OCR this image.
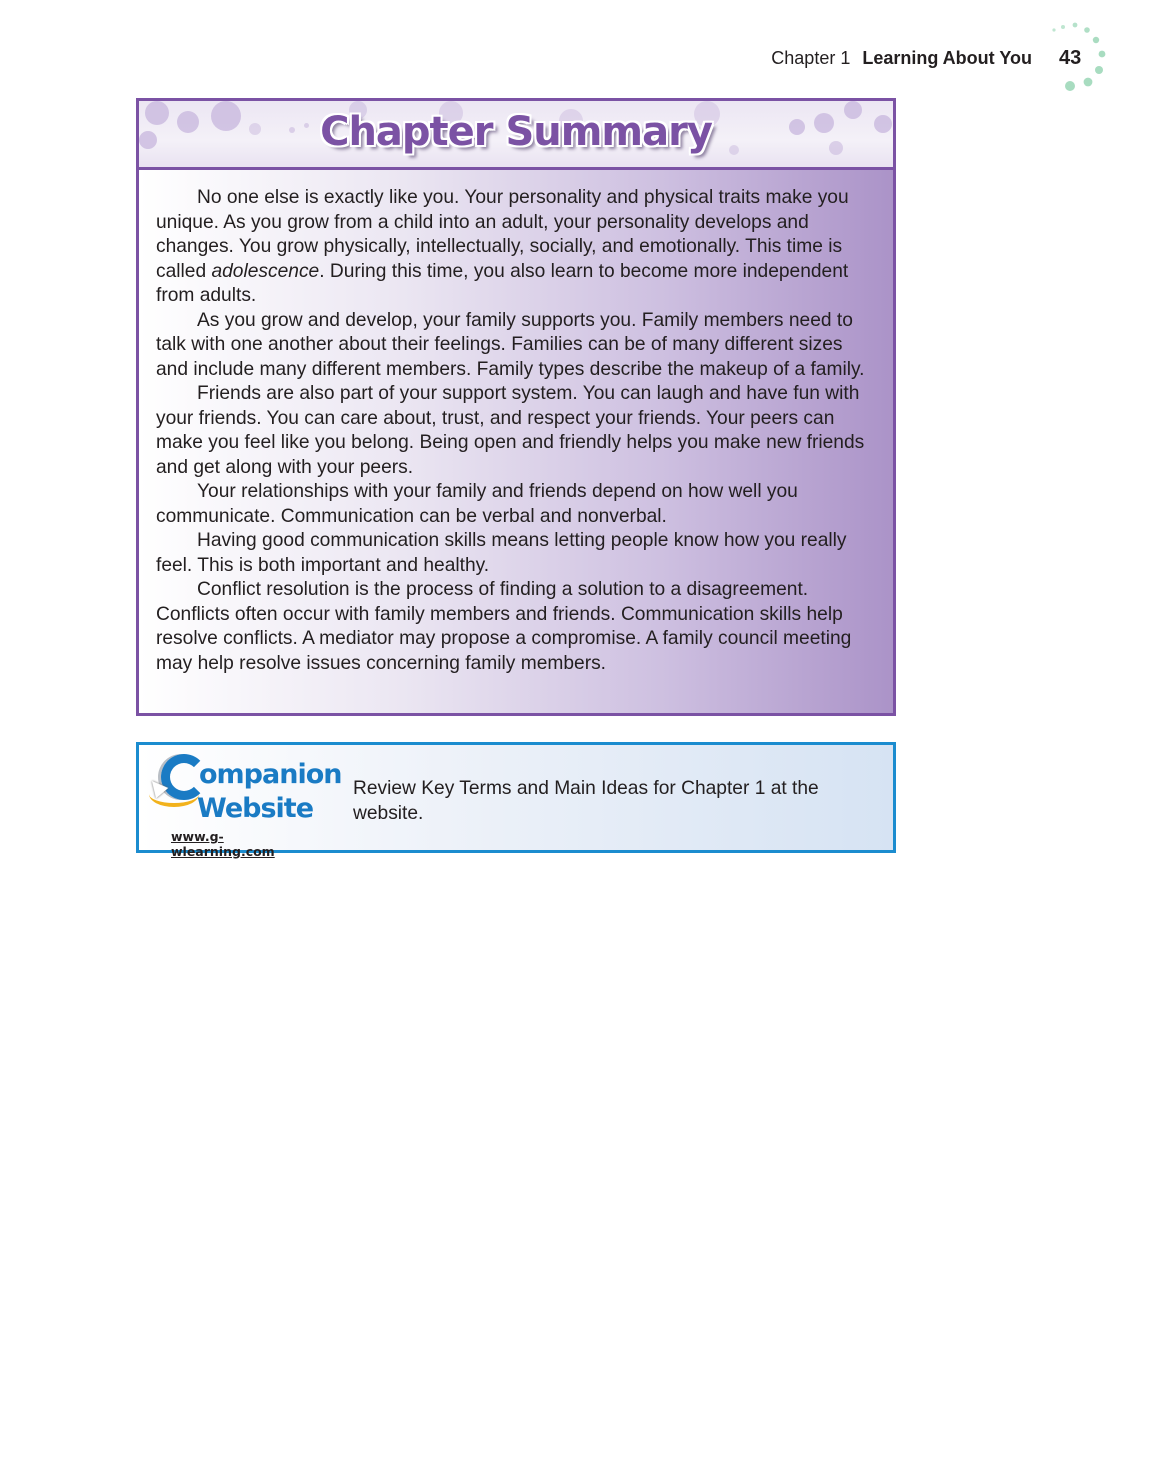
Chapter 1 Learning About You 43
Chapter Summary

No one else is exactly like you. Your personality and physical traits make you unique. As you grow from a child into an adult, your personality develops and changes. You grow physically, intellectually, socially, and emotionally. This time is called adolescence. During this time, you also learn to become more independent from adults.

As you grow and develop, your family supports you. Family members need to talk with one another about their feelings. Families can be of many different sizes and include many different members. Family types describe the makeup of a family.

Friends are also part of your support system. You can laugh and have fun with your friends. You can care about, trust, and respect your friends. Your peers can make you feel like you belong. Being open and friendly helps you make new friends and get along with your peers.

Your relationships with your family and friends depend on how well you communicate. Communication can be verbal and nonverbal.

Having good communication skills means letting people know how you really feel. This is both important and healthy.

Conflict resolution is the process of finding a solution to a disagreement. Conflicts often occur with family members and friends. Communication skills help resolve conflicts. A mediator may propose a compromise. A family council meeting may help resolve issues concerning family members.

ompanion
Website
www.g-wlearning.com
Review Key Terms and Main Ideas for Chapter 1 at the website.
